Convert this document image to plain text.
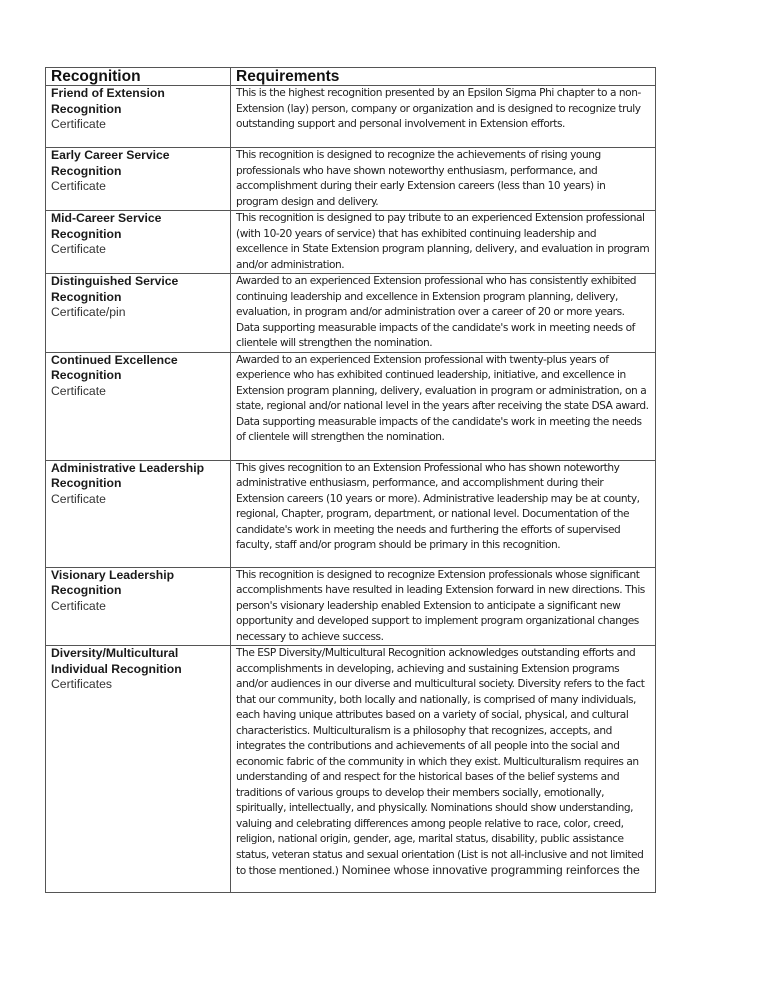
Recognition	Requirements

Friend of Extension Recognition
Certificate	This is the highest recognition presented by an Epsilon Sigma Phi chapter to a non-Extension (lay) person, company or organization and is designed to recognize truly outstanding support and personal involvement in Extension efforts.

Early Career Service Recognition
Certificate	This recognition is designed to recognize the achievements of rising young professionals who have shown noteworthy enthusiasm, performance, and accomplishment during their early Extension careers (less than 10 years) in program design and delivery.

Mid-Career Service Recognition
Certificate	This recognition is designed to pay tribute to an experienced Extension professional (with 10-20 years of service) that has exhibited continuing leadership and excellence in State Extension program planning, delivery, and evaluation in program and/or administration.

Distinguished Service Recognition
Certificate/pin	Awarded to an experienced Extension professional who has consistently exhibited continuing leadership and excellence in Extension program planning, delivery, evaluation, in program and/or administration over a career of 20 or more years. Data supporting measurable impacts of the candidate's work in meeting needs of clientele will strengthen the nomination.

Continued Excellence Recognition
Certificate	Awarded to an experienced Extension professional with twenty-plus years of experience who has exhibited continued leadership, initiative, and excellence in Extension program planning, delivery, evaluation in program or administration, on a state, regional and/or national level in the years after receiving the state DSA award. Data supporting measurable impacts of the candidate's work in meeting the needs of clientele will strengthen the nomination.

Administrative Leadership Recognition
Certificate	This gives recognition to an Extension Professional who has shown noteworthy administrative enthusiasm, performance, and accomplishment during their Extension careers (10 years or more). Administrative leadership may be at county, regional, Chapter, program, department, or national level. Documentation of the candidate's work in meeting the needs and furthering the efforts of supervised faculty, staff and/or program should be primary in this recognition.

Visionary Leadership Recognition
Certificate	This recognition is designed to recognize Extension professionals whose significant accomplishments have resulted in leading Extension forward in new directions. This person's visionary leadership enabled Extension to anticipate a significant new opportunity and developed support to implement program organizational changes necessary to achieve success.

Diversity/Multicultural Individual Recognition
Certificates	The ESP Diversity/Multicultural Recognition acknowledges outstanding efforts and accomplishments in developing, achieving and sustaining Extension programs and/or audiences in our diverse and multicultural society. Diversity refers to the fact that our community, both locally and nationally, is comprised of many individuals, each having unique attributes based on a variety of social, physical, and cultural characteristics. Multiculturalism is a philosophy that recognizes, accepts, and integrates the contributions and achievements of all people into the social and economic fabric of the community in which they exist. Multiculturalism requires an understanding of and respect for the historical bases of the belief systems and traditions of various groups to develop their members socially, emotionally, spiritually, intellectually, and physically. Nominations should show understanding, valuing and celebrating differences among people relative to race, color, creed, religion, national origin, gender, age, marital status, disability, public assistance status, veteran status and sexual orientation (List is not all-inclusive and not limited to those mentioned.) Nominee whose innovative programming reinforces the
